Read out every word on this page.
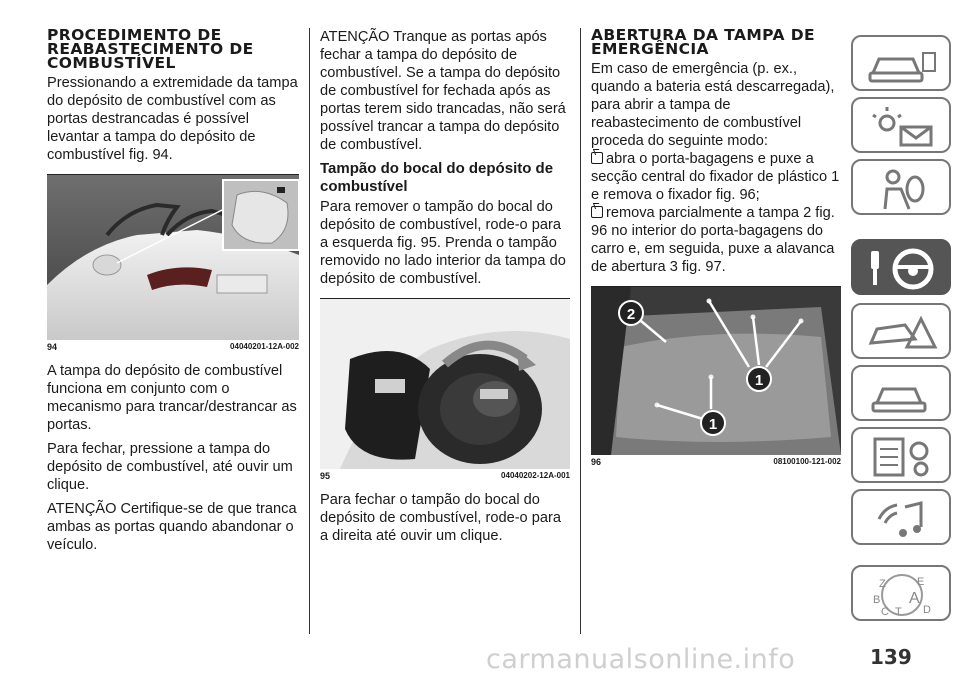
PROCEDIMENTO DE REABASTECIMENTO DE COMBUSTÍVEL

Pressionando a extremidade da tampa do depósito de combustível com as portas destrancadas é possível levantar a tampa do depósito de combustível fig. 94.

94	04040201-12A-002

A tampa do depósito de combustível funciona em conjunto com o mecanismo para trancar/destrancar as portas.

Para fechar, pressione a tampa do depósito de combustível, até ouvir um clique.

ATENÇÃO Certifique-se de que tranca ambas as portas quando abandonar o veículo.

ATENÇÃO Tranque as portas após fechar a tampa do depósito de combustível. Se a tampa do depósito de combustível for fechada após as portas terem sido trancadas, não será possível trancar a tampa do depósito de combustível.

Tampão do bocal do depósito de combustível

Para remover o tampão do bocal do depósito de combustível, rode-o para a esquerda fig. 95. Prenda o tampão removido no lado interior da tampa do depósito de combustível.

95	04040202-12A-001

Para fechar o tampão do bocal do depósito de combustível, rode-o para a direita até ouvir um clique.

ABERTURA DA TAMPA DE EMERGÊNCIA

Em caso de emergência (p. ex., quando a bateria está descarregada), para abrir a tampa de reabastecimento de combustível proceda do seguinte modo:

abra o porta-bagagens e puxe a secção central do fixador de plástico 1 e remova o fixador fig. 96;

remova parcialmente a tampa 2 fig. 96 no interior do porta-bagagens do carro e, em seguida, puxe a alavanca de abertura 3 fig. 97.

2
1
1
96	08100100-121-002
Z	E
B A
C T D
carmanualsonline.info	139
